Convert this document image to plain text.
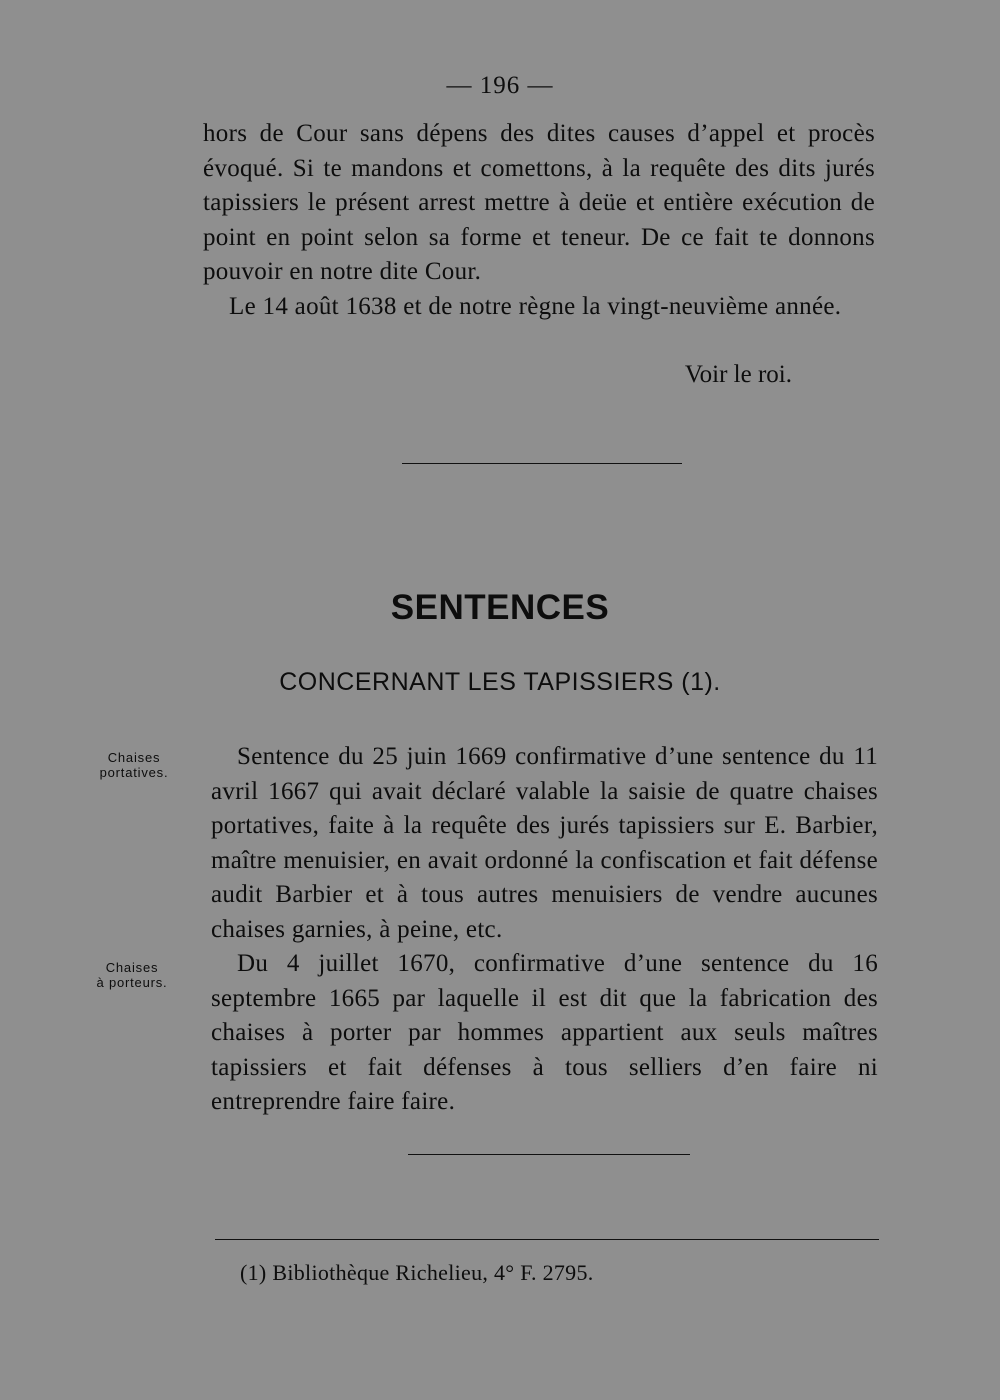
— 196 —

hors de Cour sans dépens des dites causes d’appel et procès évoqué. Si te mandons et comettons, à la requête des dits jurés tapissiers le présent arrest mettre à deüe et entière exécution de point en point selon sa forme et teneur. De ce fait te donnons pouvoir en notre dite Cour.

Le 14 août 1638 et de notre règne la vingt-neuvième année.

Voir le roi.
SENTENCES
CONCERNANT LES TAPISSIERS (1).
Chaises
portatives.
Chaises
à porteurs.

Sentence du 25 juin 1669 confirmative d’une sentence du 11 avril 1667 qui avait déclaré valable la saisie de quatre chaises portatives, faite à la requête des jurés tapissiers sur E. Barbier, maître menuisier, en avait ordonné la confiscation et fait défense audit Barbier et à tous autres menuisiers de vendre aucunes chaises garnies, à peine, etc.

Du 4 juillet 1670, confirmative d’une sentence du 16 septembre 1665 par laquelle il est dit que la fabrication des chaises à porter par hommes appartient aux seuls maîtres tapissiers et fait défenses à tous selliers d’en faire ni entreprendre faire faire.

(1) Bibliothèque Richelieu, 4° F. 2795.
